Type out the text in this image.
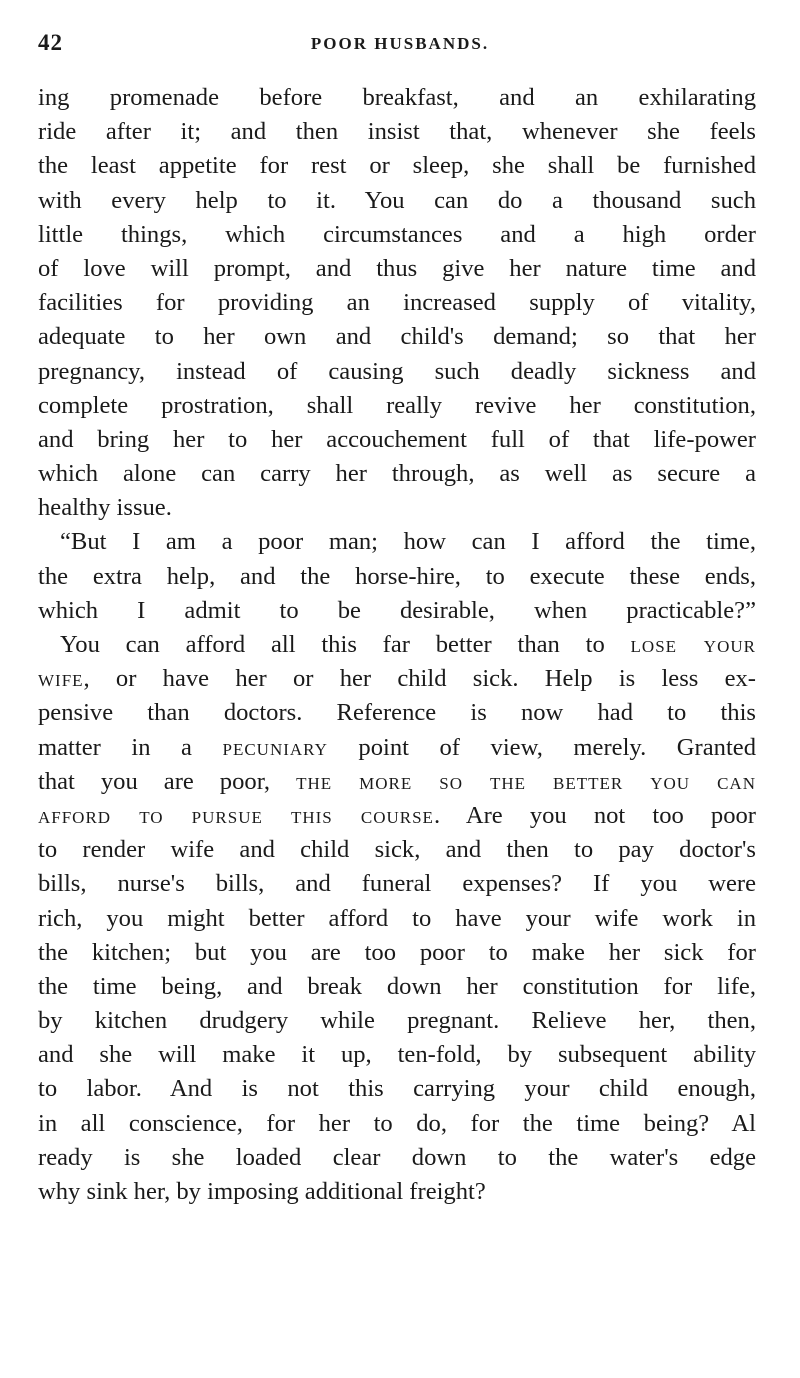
42	POOR HUSBANDS.
ing promenade before breakfast, and an exhilarating
ride after it; and then insist that, whenever she feels
the least appetite for rest or sleep, she shall be furnished
with every help to it. You can do a thousand such
little things, which circumstances and a high order
of love will prompt, and thus give her nature time and
facilities for providing an increased supply of vitality,
adequate to her own and child's demand; so that her
pregnancy, instead of causing such deadly sickness and
complete prostration, shall really revive her constitution,
and bring her to her accouchement full of that life-power
which alone can carry her through, as well as secure a
healthy issue.
“But I am a poor man; how can I afford the time,
the extra help, and the horse-hire, to execute these ends,
which I admit to be desirable, when practicable?”
You can afford all this far better than to lose your
wife, or have her or her child sick. Help is less ex-
pensive than doctors. Reference is now had to this
matter in a pecuniary point of view, merely. Granted
that you are poor, the more so the better you can
afford to pursue this course. Are you not too poor
to render wife and child sick, and then to pay doctor's
bills, nurse's bills, and funeral expenses? If you were
rich, you might better afford to have your wife work in
the kitchen; but you are too poor to make her sick for
the time being, and break down her constitution for life,
by kitchen drudgery while pregnant. Relieve her, then,
and she will make it up, ten-fold, by subsequent ability
to labor. And is not this carrying your child enough,
in all conscience, for her to do, for the time being? Al
ready is she loaded clear down to the water's edge
why sink her, by imposing additional freight?
